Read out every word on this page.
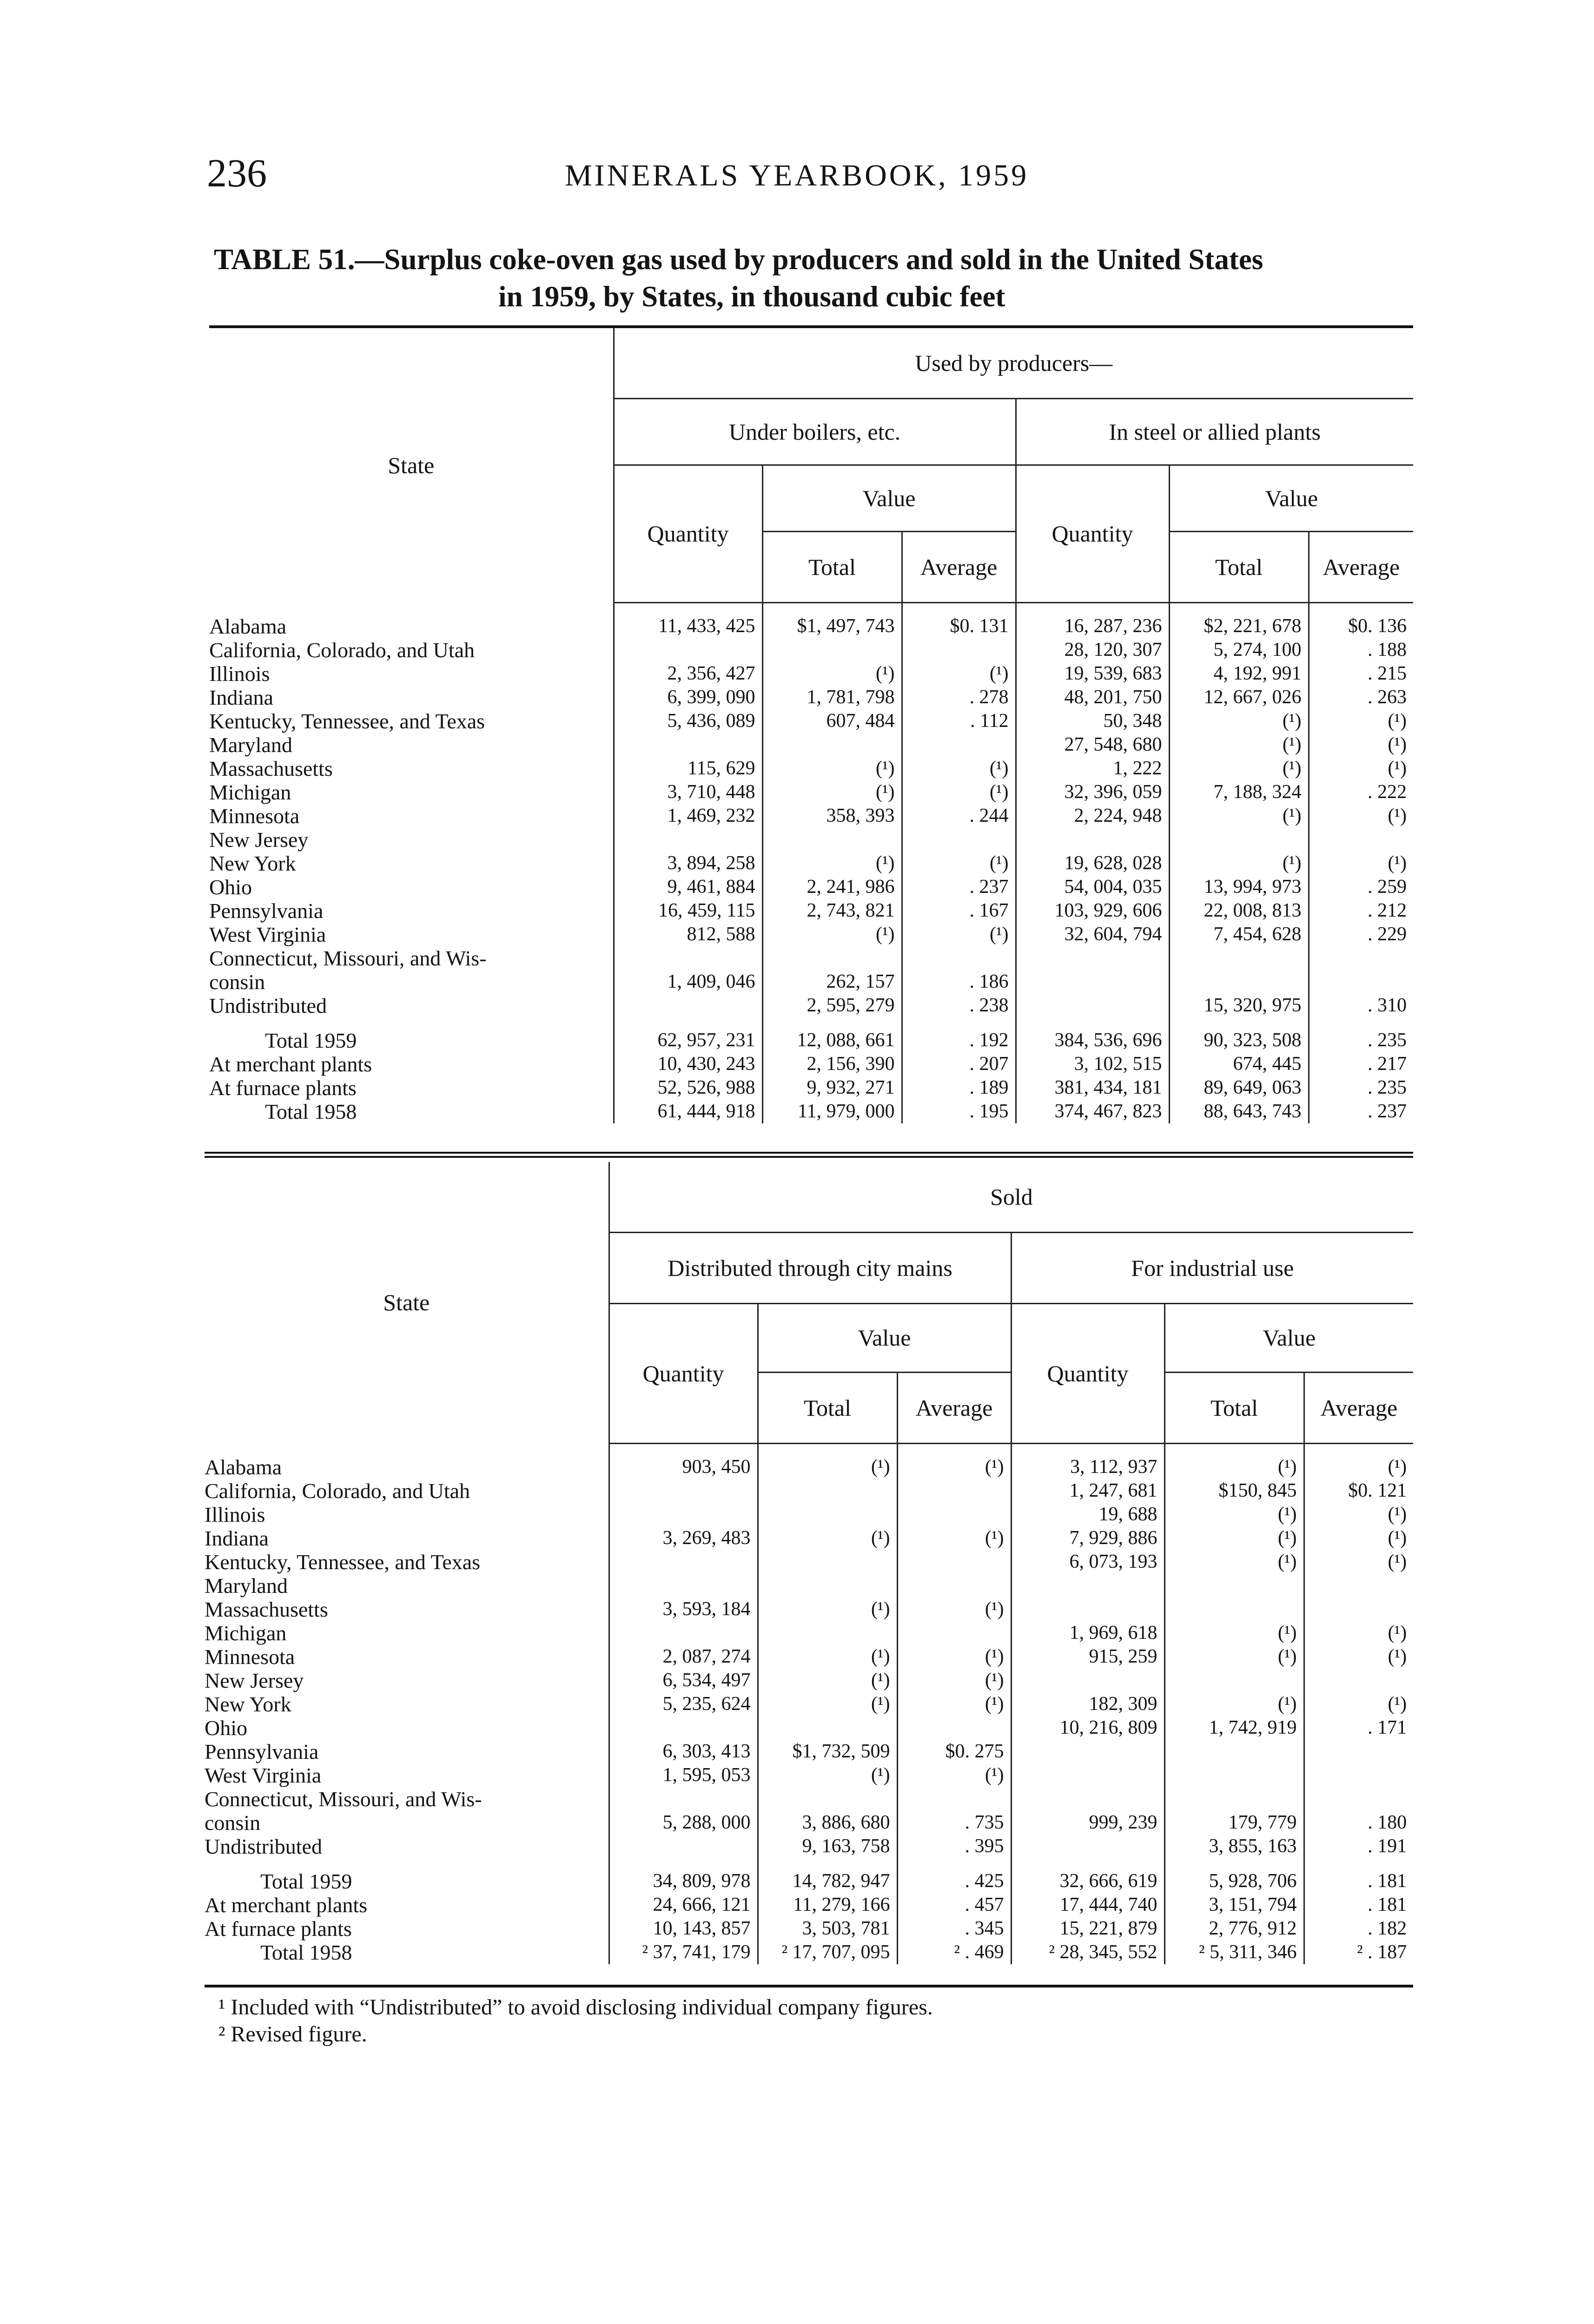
236	MINERALS YEARBOOK, 1959
TABLE 51.—Surplus coke-oven gas used by producers and sold in the United States
in 1959, by States, in thousand cubic feet
State	Used by producers—					
	Under boilers, etc.			In steel or allied plants		
	Quantity	Value		Quantity	Value	
		Total	Average		Total	Average

Alabama	11, 433, 425	$1, 497, 743	$0. 131	16, 287, 236	$2, 221, 678	$0. 136
California, Colorado, and Utah				28, 120, 307	5, 274, 100	. 188
Illinois	2, 356, 427	(¹)	(¹)	19, 539, 683	4, 192, 991	. 215
Indiana	6, 399, 090	1, 781, 798	. 278	48, 201, 750	12, 667, 026	. 263
Kentucky, Tennessee, and Texas	5, 436, 089	607, 484	. 112	50, 348	(¹)	(¹)
Maryland				27, 548, 680	(¹)	(¹)
Massachusetts	115, 629	(¹)	(¹)	1, 222	(¹)	(¹)
Michigan	3, 710, 448	(¹)	(¹)	32, 396, 059	7, 188, 324	. 222
Minnesota	1, 469, 232	358, 393	. 244	2, 224, 948	(¹)	(¹)
New Jersey						
New York	3, 894, 258	(¹)	(¹)	19, 628, 028	(¹)	(¹)
Ohio	9, 461, 884	2, 241, 986	. 237	54, 004, 035	13, 994, 973	. 259
Pennsylvania	16, 459, 115	2, 743, 821	. 167	103, 929, 606	22, 008, 813	. 212
West Virginia	812, 588	(¹)	(¹)	32, 604, 794	7, 454, 628	. 229
Connecticut, Missouri, and Wis-						
consin	1, 409, 046	262, 157	. 186			
Undistributed		2, 595, 279	. 238		15, 320, 975	. 310

Total 1959	62, 957, 231	12, 088, 661	. 192	384, 536, 696	90, 323, 508	. 235
At merchant plants	10, 430, 243	2, 156, 390	. 207	3, 102, 515	674, 445	. 217
At furnace plants	52, 526, 988	9, 932, 271	. 189	381, 434, 181	89, 649, 063	. 235
Total 1958	61, 444, 918	11, 979, 000	. 195	374, 467, 823	88, 643, 743	. 237
State	Sold					
	Distributed through city mains			For industrial use		
	Quantity	Value		Quantity	Value	
		Total	Average		Total	Average

Alabama	903, 450	(¹)	(¹)	3, 112, 937	(¹)	(¹)
California, Colorado, and Utah				1, 247, 681	$150, 845	$0. 121
Illinois				19, 688	(¹)	(¹)
Indiana	3, 269, 483	(¹)	(¹)	7, 929, 886	(¹)	(¹)
Kentucky, Tennessee, and Texas				6, 073, 193	(¹)	(¹)
Maryland						
Massachusetts	3, 593, 184	(¹)	(¹)			
Michigan				1, 969, 618	(¹)	(¹)
Minnesota	2, 087, 274	(¹)	(¹)	915, 259	(¹)	(¹)
New Jersey	6, 534, 497	(¹)	(¹)			
New York	5, 235, 624	(¹)	(¹)	182, 309	(¹)	(¹)
Ohio				10, 216, 809	1, 742, 919	. 171
Pennsylvania	6, 303, 413	$1, 732, 509	$0. 275			
West Virginia	1, 595, 053	(¹)	(¹)			
Connecticut, Missouri, and Wis-						
consin	5, 288, 000	3, 886, 680	. 735	999, 239	179, 779	. 180
Undistributed		9, 163, 758	. 395		3, 855, 163	. 191

Total 1959	34, 809, 978	14, 782, 947	. 425	32, 666, 619	5, 928, 706	. 181
At merchant plants	24, 666, 121	11, 279, 166	. 457	17, 444, 740	3, 151, 794	. 181
At furnace plants	10, 143, 857	3, 503, 781	. 345	15, 221, 879	2, 776, 912	. 182
Total 1958	² 37, 741, 179	² 17, 707, 095	² . 469	² 28, 345, 552	² 5, 311, 346	² . 187
¹ Included with “Undistributed” to avoid disclosing individual company figures.
² Revised figure.
